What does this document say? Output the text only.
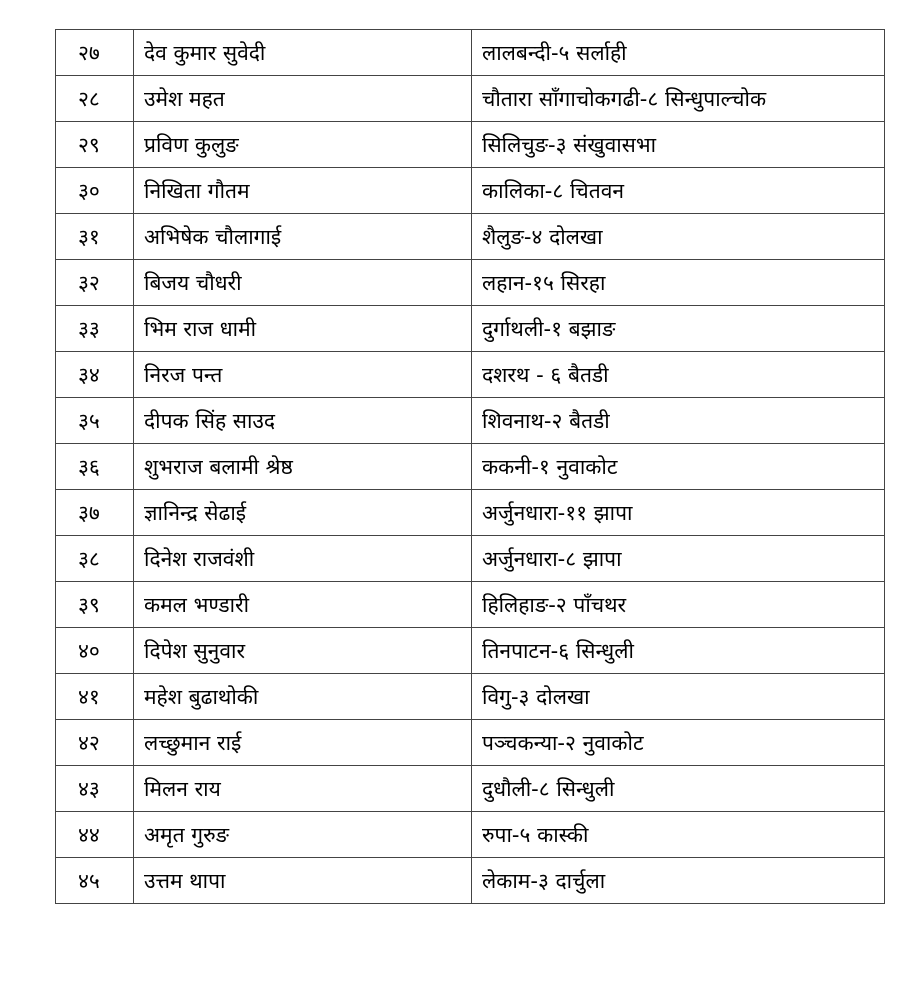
२७	देव कुमार सुवेदी	लालबन्दी-५ सर्लाही
२८	उमेश महत	चौतारा साँगाचोकगढी-८ सिन्धुपाल्चोक
२९	प्रविण कुलुङ	सिलिचुङ-३ संखुवासभा
३०	निखिता गौतम	कालिका-८ चितवन
३१	अभिषेक चौलागाई	शैलुङ-४ दोलखा
३२	बिजय चौधरी	लहान-१५ सिरहा
३३	भिम राज धामी	दुर्गाथली-१ बझाङ
३४	निरज पन्त	दशरथ - ६ बैतडी
३५	दीपक सिंह साउद	शिवनाथ-२ बैतडी
३६	शुभराज बलामी श्रेष्ठ	ककनी-१ नुवाकोट
३७	ज्ञानिन्द्र सेढाई	अर्जुनधारा-११ झापा
३८	दिनेश राजवंशी	अर्जुनधारा-८ झापा
३९	कमल भण्डारी	हिलिहाङ-२ पाँचथर
४०	दिपेश सुनुवार	तिनपाटन-६ सिन्धुली
४१	महेश बुढाथोकी	विगु-३ दोलखा
४२	लच्छुमान राई	पञ्चकन्या-२ नुवाकोट
४३	मिलन राय	दुधौली-८ सिन्धुली
४४	अमृत गुरुङ	रुपा-५ कास्की
४५	उत्तम थापा	लेकाम-३ दार्चुला
